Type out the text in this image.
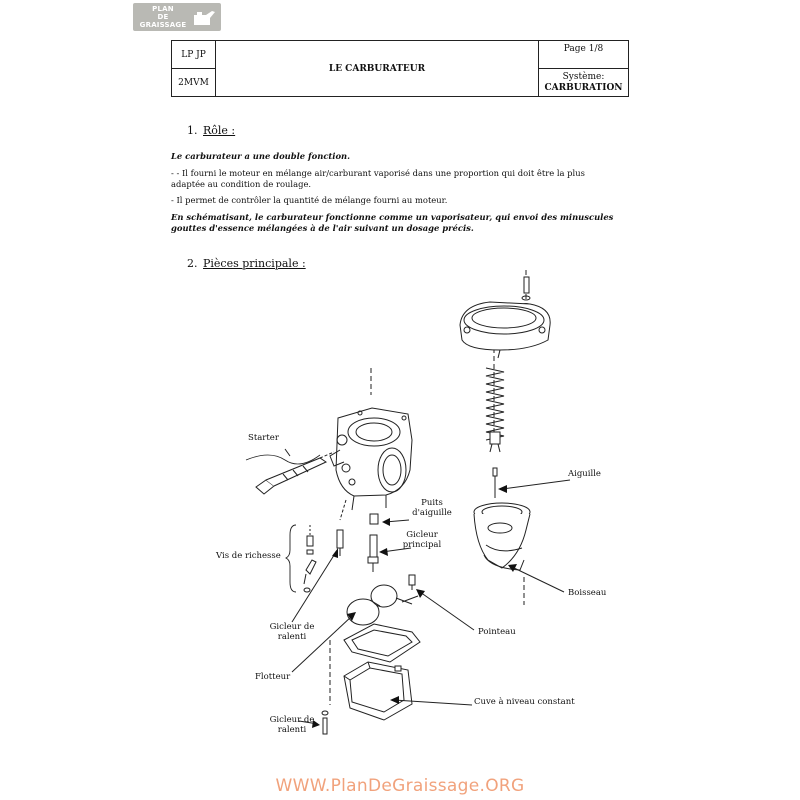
PLAN
DE
GRAISSAGE
LP JP
2MVM
LE CARBURATEUR
Page 1/8
Système:
CARBURATION
1. Rôle :
Le carburateur a une double fonction.
- - Il fourni le moteur en mélange air/carburant vaporisé dans une proportion qui doit être la plus adaptée au condition de roulage.
- Il permet de contrôler la quantité de mélange fourni au moteur.
En schématisant, le carburateur fonctionne comme un vaporisateur, qui envoi des minuscules gouttes d'essence mélangées à de l'air suivant un dosage précis.
2. Pièces principale :
Starter
Aiguille
Puits d'aiguille
Gicleur principal
Vis de richesse
Boisseau
Gicleur de ralenti	Pointeau
Flotteur
Cuve à niveau constant
Gicleur de ralenti
WWW.PlanDeGraissage.ORG
